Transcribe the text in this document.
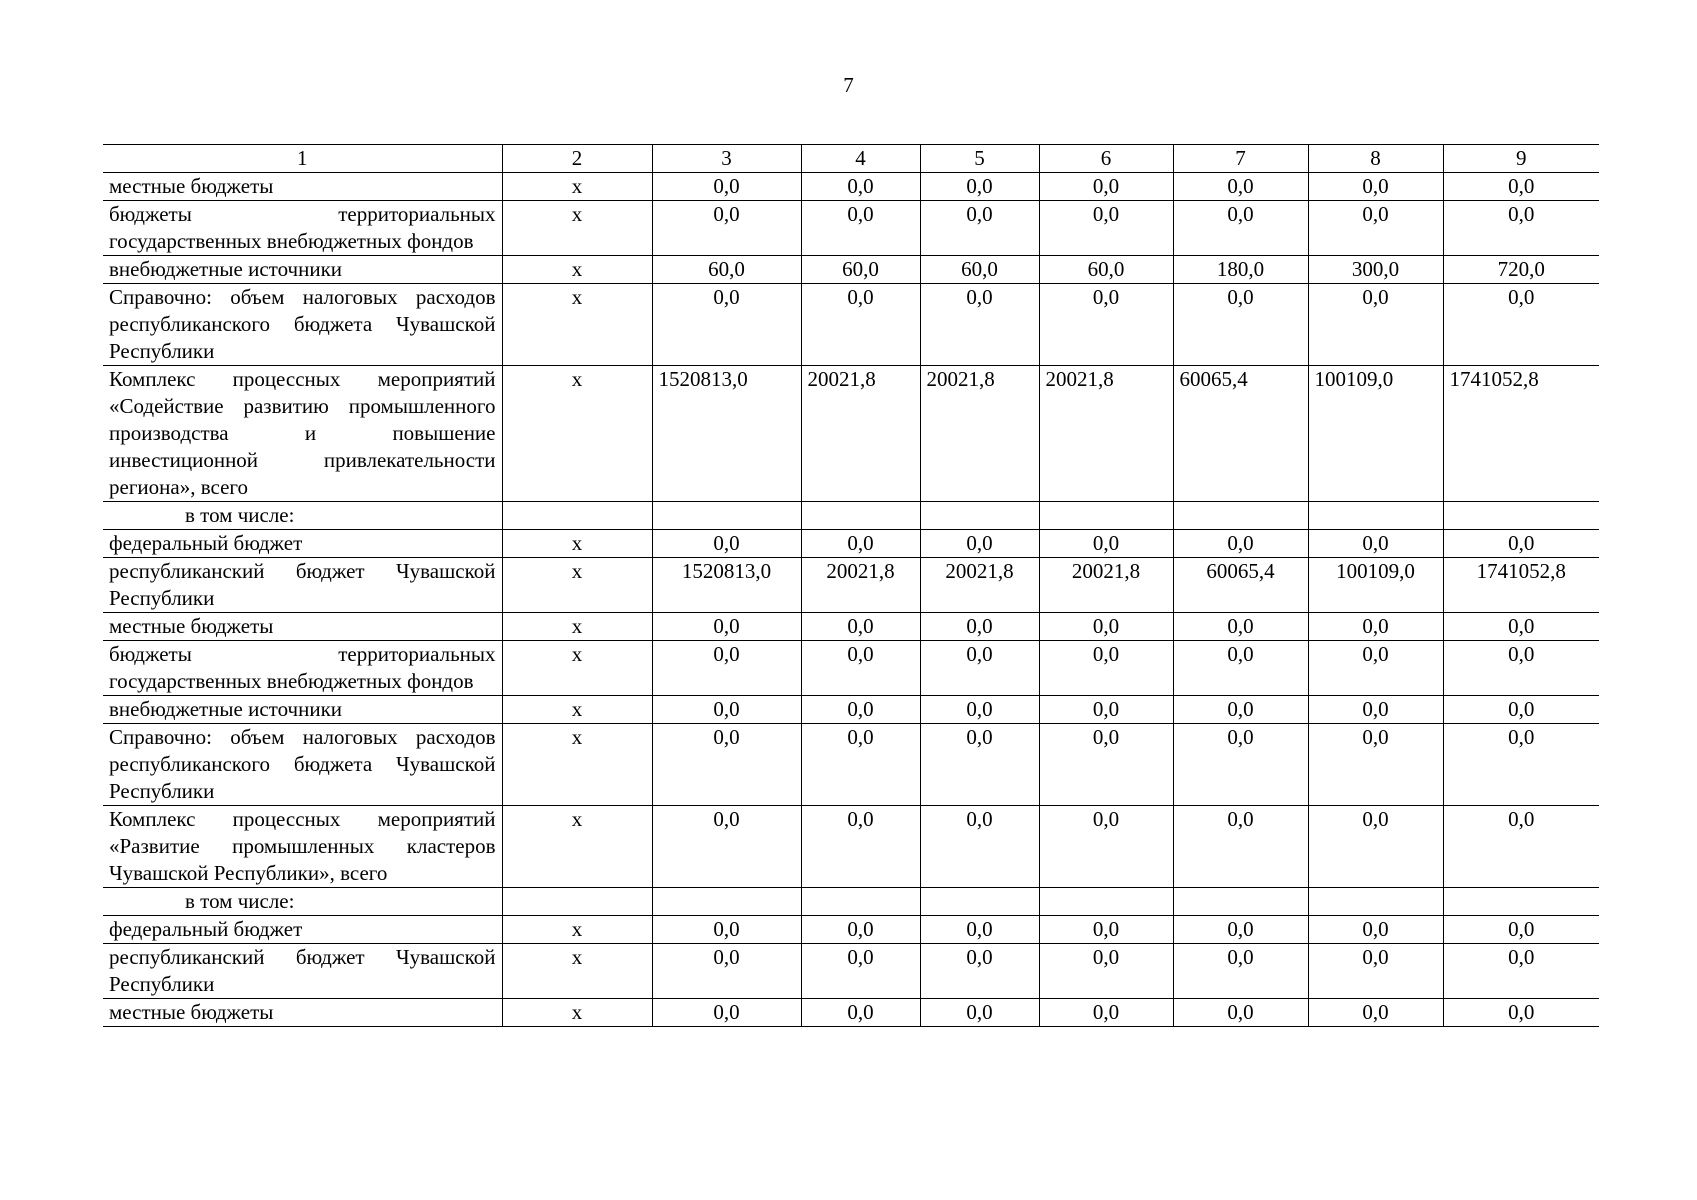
7
1	2	3	4	5	6	7	8	9
местные бюджеты	х	0,0	0,0	0,0	0,0	0,0	0,0	0,0
бюджеты территориальных государственных внебюджетных фондов	х	0,0	0,0	0,0	0,0	0,0	0,0	0,0
внебюджетные источники	х	60,0	60,0	60,0	60,0	180,0	300,0	720,0
Справочно: объем налоговых расходов республиканского бюджета Чувашской Республики	х	0,0	0,0	0,0	0,0	0,0	0,0	0,0
Комплекс процессных мероприятий «Содействие развитию промышленного производства и повышение инвестиционной привлекательности региона», всего	х	1520813,0	20021,8	20021,8	20021,8	60065,4	100109,0	1741052,8
в том числе:								
федеральный бюджет	х	0,0	0,0	0,0	0,0	0,0	0,0	0,0
республиканский бюджет Чувашской Республики	х	1520813,0	20021,8	20021,8	20021,8	60065,4	100109,0	1741052,8
местные бюджеты	х	0,0	0,0	0,0	0,0	0,0	0,0	0,0
бюджеты территориальных государственных внебюджетных фондов	х	0,0	0,0	0,0	0,0	0,0	0,0	0,0
внебюджетные источники	х	0,0	0,0	0,0	0,0	0,0	0,0	0,0
Справочно: объем налоговых расходов республиканского бюджета Чувашской Республики	х	0,0	0,0	0,0	0,0	0,0	0,0	0,0
Комплекс процессных мероприятий «Развитие промышленных кластеров Чувашской Республики», всего	х	0,0	0,0	0,0	0,0	0,0	0,0	0,0
в том числе:								
федеральный бюджет	х	0,0	0,0	0,0	0,0	0,0	0,0	0,0
республиканский бюджет Чувашской Республики	х	0,0	0,0	0,0	0,0	0,0	0,0	0,0
местные бюджеты	х	0,0	0,0	0,0	0,0	0,0	0,0	0,0
